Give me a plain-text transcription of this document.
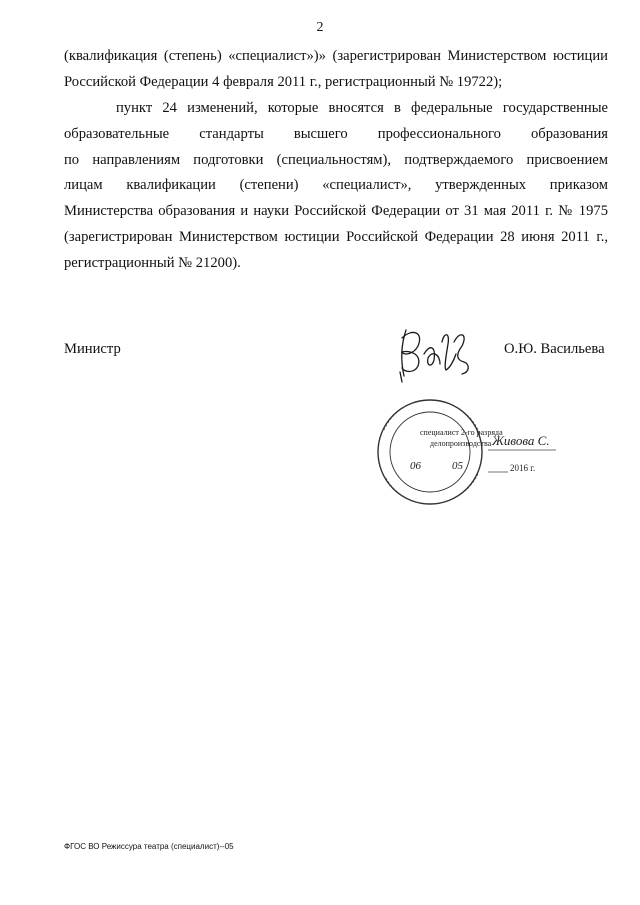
2
(квалификация (степень) «специалист»)» (зарегистрирован Министерством юстиции
Российской Федерации 4 февраля 2011 г., регистрационный № 19722);
пункт 24 изменений, которые вносятся в федеральные государственные
образовательные стандарты высшего профессионального образования
по направлениям подготовки (специальностям), подтверждаемого присвоением
лицам квалификации (степени) «специалист», утвержденных приказом
Министерства образования и науки Российской Федерации от 31 мая 2011 г. № 1975
(зарегистрирован Министерством юстиции Российской Федерации 28 июня 2011 г.,
регистрационный № 21200).
Министр	О.Ю. Васильева
специалист 2-го разряда
делопроизводства
06	05
Живова С.
2016 г.
ФГОС ВО Режиссура театра (специалист)--05
